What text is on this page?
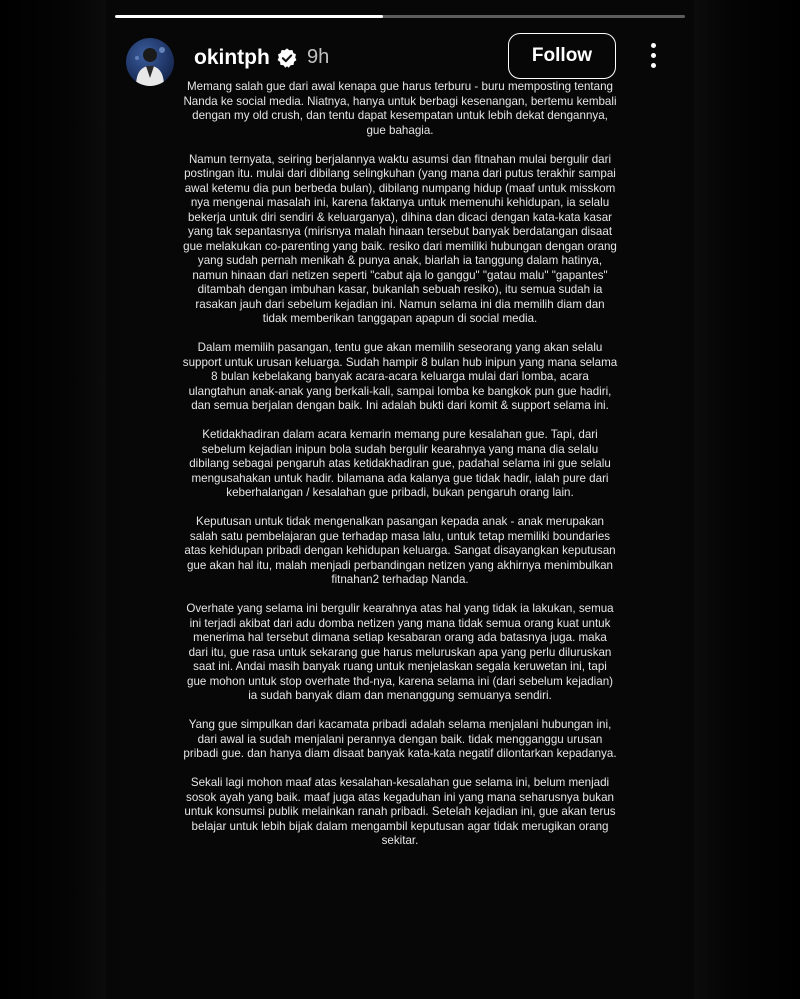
okintph 9h	Follow

Memang salah gue dari awal kenapa gue harus terburu - buru memposting tentang Nanda ke social media. Niatnya, hanya untuk berbagi kesenangan, bertemu kembali dengan my old crush, dan tentu dapat kesempatan untuk lebih dekat dengannya, gue bahagia.

Namun ternyata, seiring berjalannya waktu asumsi dan fitnahan mulai bergulir dari postingan itu. mulai dari dibilang selingkuhan (yang mana dari putus terakhir sampai awal ketemu dia pun berbeda bulan), dibilang numpang hidup (maaf untuk misskom nya mengenai masalah ini, karena faktanya untuk memenuhi kehidupan, ia selalu bekerja untuk diri sendiri & keluarganya), dihina dan dicaci dengan kata-kata kasar yang tak sepantasnya (mirisnya malah hinaan tersebut banyak berdatangan disaat gue melakukan co-parenting yang baik. resiko dari memiliki hubungan dengan orang yang sudah pernah menikah & punya anak, biarlah ia tanggung dalam hatinya, namun hinaan dari netizen seperti "cabut aja lo ganggu" "gatau malu" "gapantes" ditambah dengan imbuhan kasar, bukanlah sebuah resiko), itu semua sudah ia rasakan jauh dari sebelum kejadian ini. Namun selama ini dia memilih diam dan tidak memberikan tanggapan apapun di social media.

Dalam memilih pasangan, tentu gue akan memilih seseorang yang akan selalu support untuk urusan keluarga. Sudah hampir 8 bulan hub inipun yang mana selama 8 bulan kebelakang banyak acara-acara keluarga mulai dari lomba, acara ulangtahun anak-anak yang berkali-kali, sampai lomba ke bangkok pun gue hadiri, dan semua berjalan dengan baik. Ini adalah bukti dari komit & support selama ini.

Ketidakhadiran dalam acara kemarin memang pure kesalahan gue. Tapi, dari sebelum kejadian inipun bola sudah bergulir kearahnya yang mana dia selalu dibilang sebagai pengaruh atas ketidakhadiran gue, padahal selama ini gue selalu mengusahakan untuk hadir. bilamana ada kalanya gue tidak hadir, ialah pure dari keberhalangan / kesalahan gue pribadi, bukan pengaruh orang lain.

Keputusan untuk tidak mengenalkan pasangan kepada anak - anak merupakan salah satu pembelajaran gue terhadap masa lalu, untuk tetap memiliki boundaries atas kehidupan pribadi dengan kehidupan keluarga. Sangat disayangkan keputusan gue akan hal itu, malah menjadi perbandingan netizen yang akhirnya menimbulkan fitnahan2 terhadap Nanda.

Overhate yang selama ini bergulir kearahnya atas hal yang tidak ia lakukan, semua ini terjadi akibat dari adu domba netizen yang mana tidak semua orang kuat untuk menerima hal tersebut dimana setiap kesabaran orang ada batasnya juga. maka dari itu, gue rasa untuk sekarang gue harus meluruskan apa yang perlu diluruskan saat ini. Andai masih banyak ruang untuk menjelaskan segala keruwetan ini, tapi gue mohon untuk stop overhate thd-nya, karena selama ini (dari sebelum kejadian) ia sudah banyak diam dan menanggung semuanya sendiri.

Yang gue simpulkan dari kacamata pribadi adalah selama menjalani hubungan ini, dari awal ia sudah menjalani perannya dengan baik. tidak mengganggu urusan pribadi gue. dan hanya diam disaat banyak kata-kata negatif dilontarkan kepadanya.

Sekali lagi mohon maaf atas kesalahan-kesalahan gue selama ini, belum menjadi sosok ayah yang baik. maaf juga atas kegaduhan ini yang mana seharusnya bukan untuk konsumsi publik melainkan ranah pribadi. Setelah kejadian ini, gue akan terus belajar untuk lebih bijak dalam mengambil keputusan agar tidak merugikan orang sekitar.
